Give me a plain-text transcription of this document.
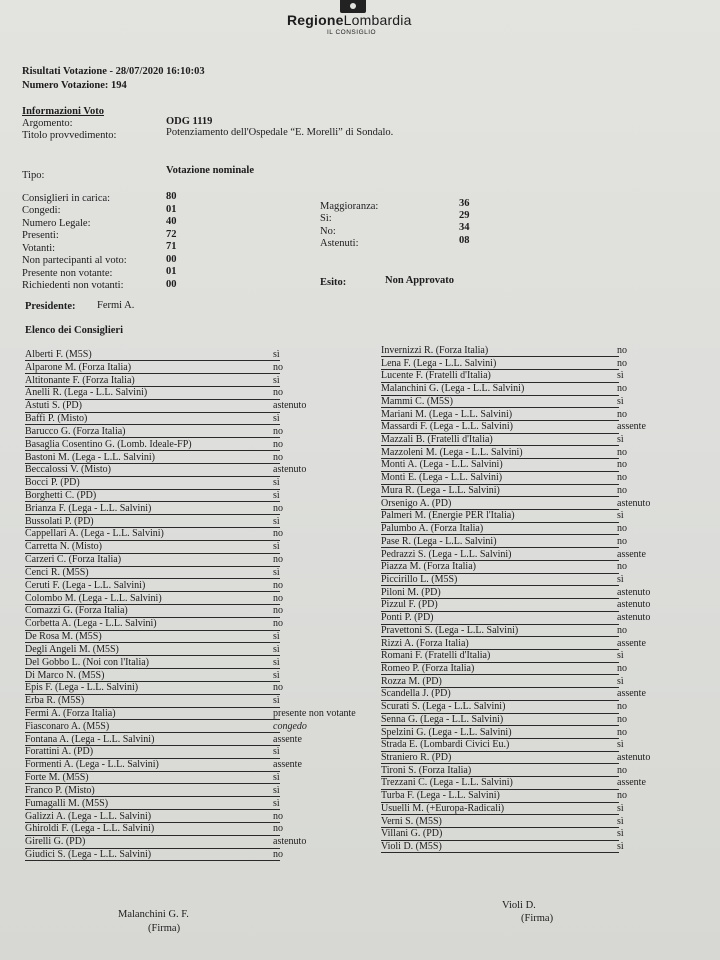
RegioneLombardia
IL CONSIGLIO
Risultati Votazione - 28/07/2020 16:10:03
Numero Votazione: 194
Informazioni Voto
Argomento:	ODG 1119
Titolo provvedimento:	Potenziamento dell'Ospedale “E. Morelli” di Sondalo.
Tipo:	Votazione nominale
Consiglieri in carica:	80
Congedi:	01
Numero Legale:	40
Presenti:	72
Votanti:	71
Non partecipanti al voto:	00
Presente non votante:	01
Richiedenti non votanti:	00
Maggioranza:	36
Sì:	29
No:	34
Astenuti:	08
Esito:	Non Approvato
Presidente: Fermi A.
Elenco dei Consiglieri
Alberti F. (M5S)	sì
Alparone M. (Forza Italia)	no
Altitonante F. (Forza Italia)	sì
Anelli R. (Lega - L.L. Salvini)	no
Astuti S. (PD)	astenuto
Baffi P. (Misto)	sì
Barucco G. (Forza Italia)	no
Basaglia Cosentino G. (Lomb. Ideale-FP)	no
Bastoni M. (Lega - L.L. Salvini)	no
Beccalossi V. (Misto)	astenuto
Bocci P. (PD)	sì
Borghetti C. (PD)	sì
Brianza F. (Lega - L.L. Salvini)	no
Bussolati P. (PD)	sì
Cappellari A. (Lega - L.L. Salvini)	no
Carretta N. (Misto)	sì
Carzeri C. (Forza Italia)	no
Cenci R. (M5S)	sì
Ceruti F. (Lega - L.L. Salvini)	no
Colombo M. (Lega - L.L. Salvini)	no
Comazzi G. (Forza Italia)	no
Corbetta A. (Lega - L.L. Salvini)	no
De Rosa M. (M5S)	sì
Degli Angeli M. (M5S)	sì
Del Gobbo L. (Noi con l'Italia)	sì
Di Marco N. (M5S)	sì
Epis F. (Lega - L.L. Salvini)	no
Erba R. (M5S)	sì
Fermi A. (Forza Italia)	presente non votante
Fiasconaro A. (M5S)	congedo
Fontana A. (Lega - L.L. Salvini)	assente
Forattini A. (PD)	sì
Formenti A. (Lega - L.L. Salvini)	assente
Forte M. (M5S)	sì
Franco P. (Misto)	sì
Fumagalli M. (M5S)	sì
Galizzi A. (Lega - L.L. Salvini)	no
Ghiroldi F. (Lega - L.L. Salvini)	no
Girelli G. (PD)	astenuto
Giudici S. (Lega - L.L. Salvini)	no
Invernizzi R. (Forza Italia)	no
Lena F. (Lega - L.L. Salvini)	no
Lucente F. (Fratelli d'Italia)	sì
Malanchini G. (Lega - L.L. Salvini)	no
Mammi C. (M5S)	sì
Mariani M. (Lega - L.L. Salvini)	no
Massardi F. (Lega - L.L. Salvini)	assente
Mazzali B. (Fratelli d'Italia)	sì
Mazzoleni M. (Lega - L.L. Salvini)	no
Monti A. (Lega - L.L. Salvini)	no
Monti E. (Lega - L.L. Salvini)	no
Mura R. (Lega - L.L. Salvini)	no
Orsenigo A. (PD)	astenuto
Palmeri M. (Energie PER l'Italia)	sì
Palumbo A. (Forza Italia)	no
Pase R. (Lega - L.L. Salvini)	no
Pedrazzi S. (Lega - L.L. Salvini)	assente
Piazza M. (Forza Italia)	no
Piccirillo L. (M5S)	sì
Piloni M. (PD)	astenuto
Pizzul F. (PD)	astenuto
Ponti P. (PD)	astenuto
Pravettoni S. (Lega - L.L. Salvini)	no
Rizzi A. (Forza Italia)	assente
Romani F. (Fratelli d'Italia)	sì
Romeo P. (Forza Italia)	no
Rozza M. (PD)	sì
Scandella J. (PD)	assente
Scurati S. (Lega - L.L. Salvini)	no
Senna G. (Lega - L.L. Salvini)	no
Spelzini G. (Lega - L.L. Salvini)	no
Strada E. (Lombardi Civici Eu.)	sì
Straniero R. (PD)	astenuto
Tironi S. (Forza Italia)	no
Trezzani C. (Lega - L.L. Salvini)	assente
Turba F. (Lega - L.L. Salvini)	no
Usuelli M. (+Europa-Radicali)	sì
Verni S. (M5S)	sì
Villani G. (PD)	sì
Violi D. (M5S)	sì
Malanchini G. F.
(Firma)
Violi D.
(Firma)
